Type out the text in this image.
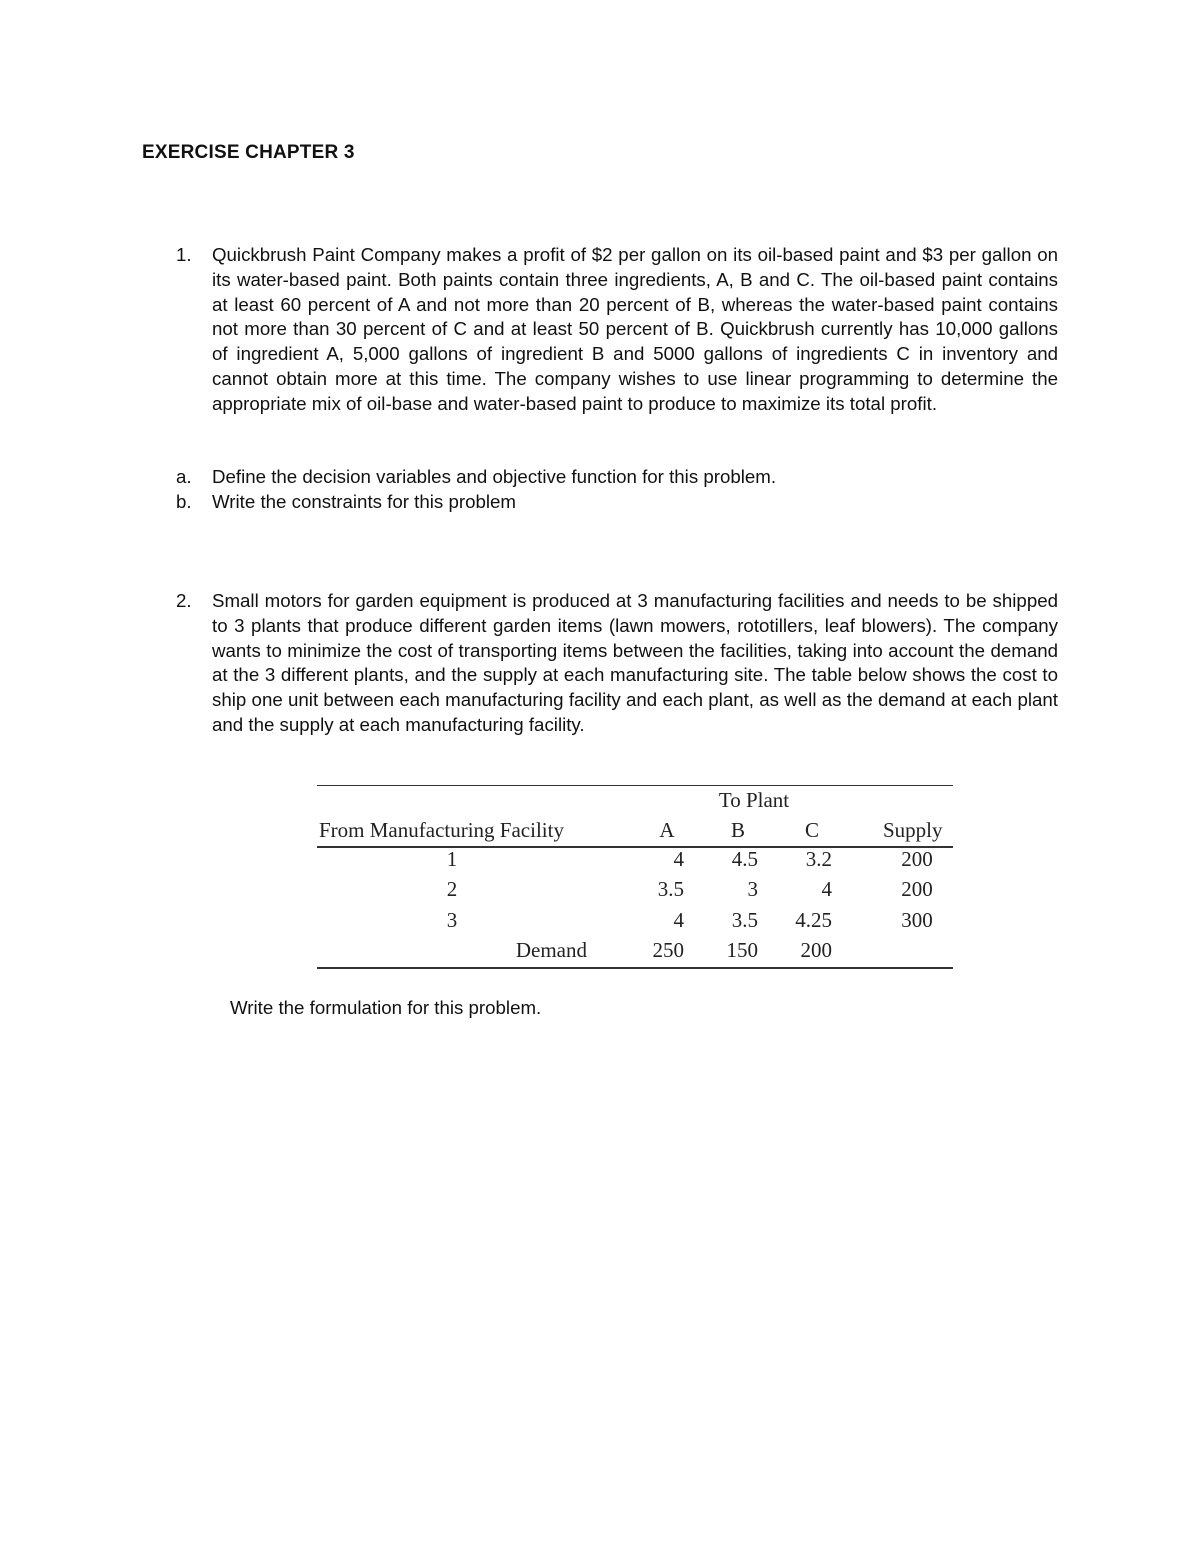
EXERCISE CHAPTER 3
1. Quickbrush Paint Company makes a profit of $2 per gallon on its oil-based paint and $3 per gallon on its water-based paint. Both paints contain three ingredients, A, B and C. The oil-based paint contains at least 60 percent of A and not more than 20 percent of B, whereas the water-based paint contains not more than 30 percent of C and at least 50 percent of B. Quickbrush currently has 10,000 gallons of ingredient A, 5,000 gallons of ingredient B and 5000 gallons of ingredients C in inventory and cannot obtain more at this time. The company wishes to use linear programming to determine the appropriate mix of oil-base and water-based paint to produce to maximize its total profit.
a. Define the decision variables and objective function for this problem.
b. Write the constraints for this problem
2. Small motors for garden equipment is produced at 3 manufacturing facilities and needs to be shipped to 3 plants that produce different garden items (lawn mowers, rototillers, leaf blowers). The company wants to minimize the cost of transporting items between the facilities, taking into account the demand at the 3 different plants, and the supply at each manufacturing site. The table below shows the cost to ship one unit between each manufacturing facility and each plant, as well as the demand at each plant and the supply at each manufacturing facility.
To Plant
From Manufacturing Facility	A	B	C	Supply
1	4	4.5	3.2	200
2	3.5	3	4	200
3	4	3.5	4.25	300
Demand	250	150	200
Write the formulation for this problem.
